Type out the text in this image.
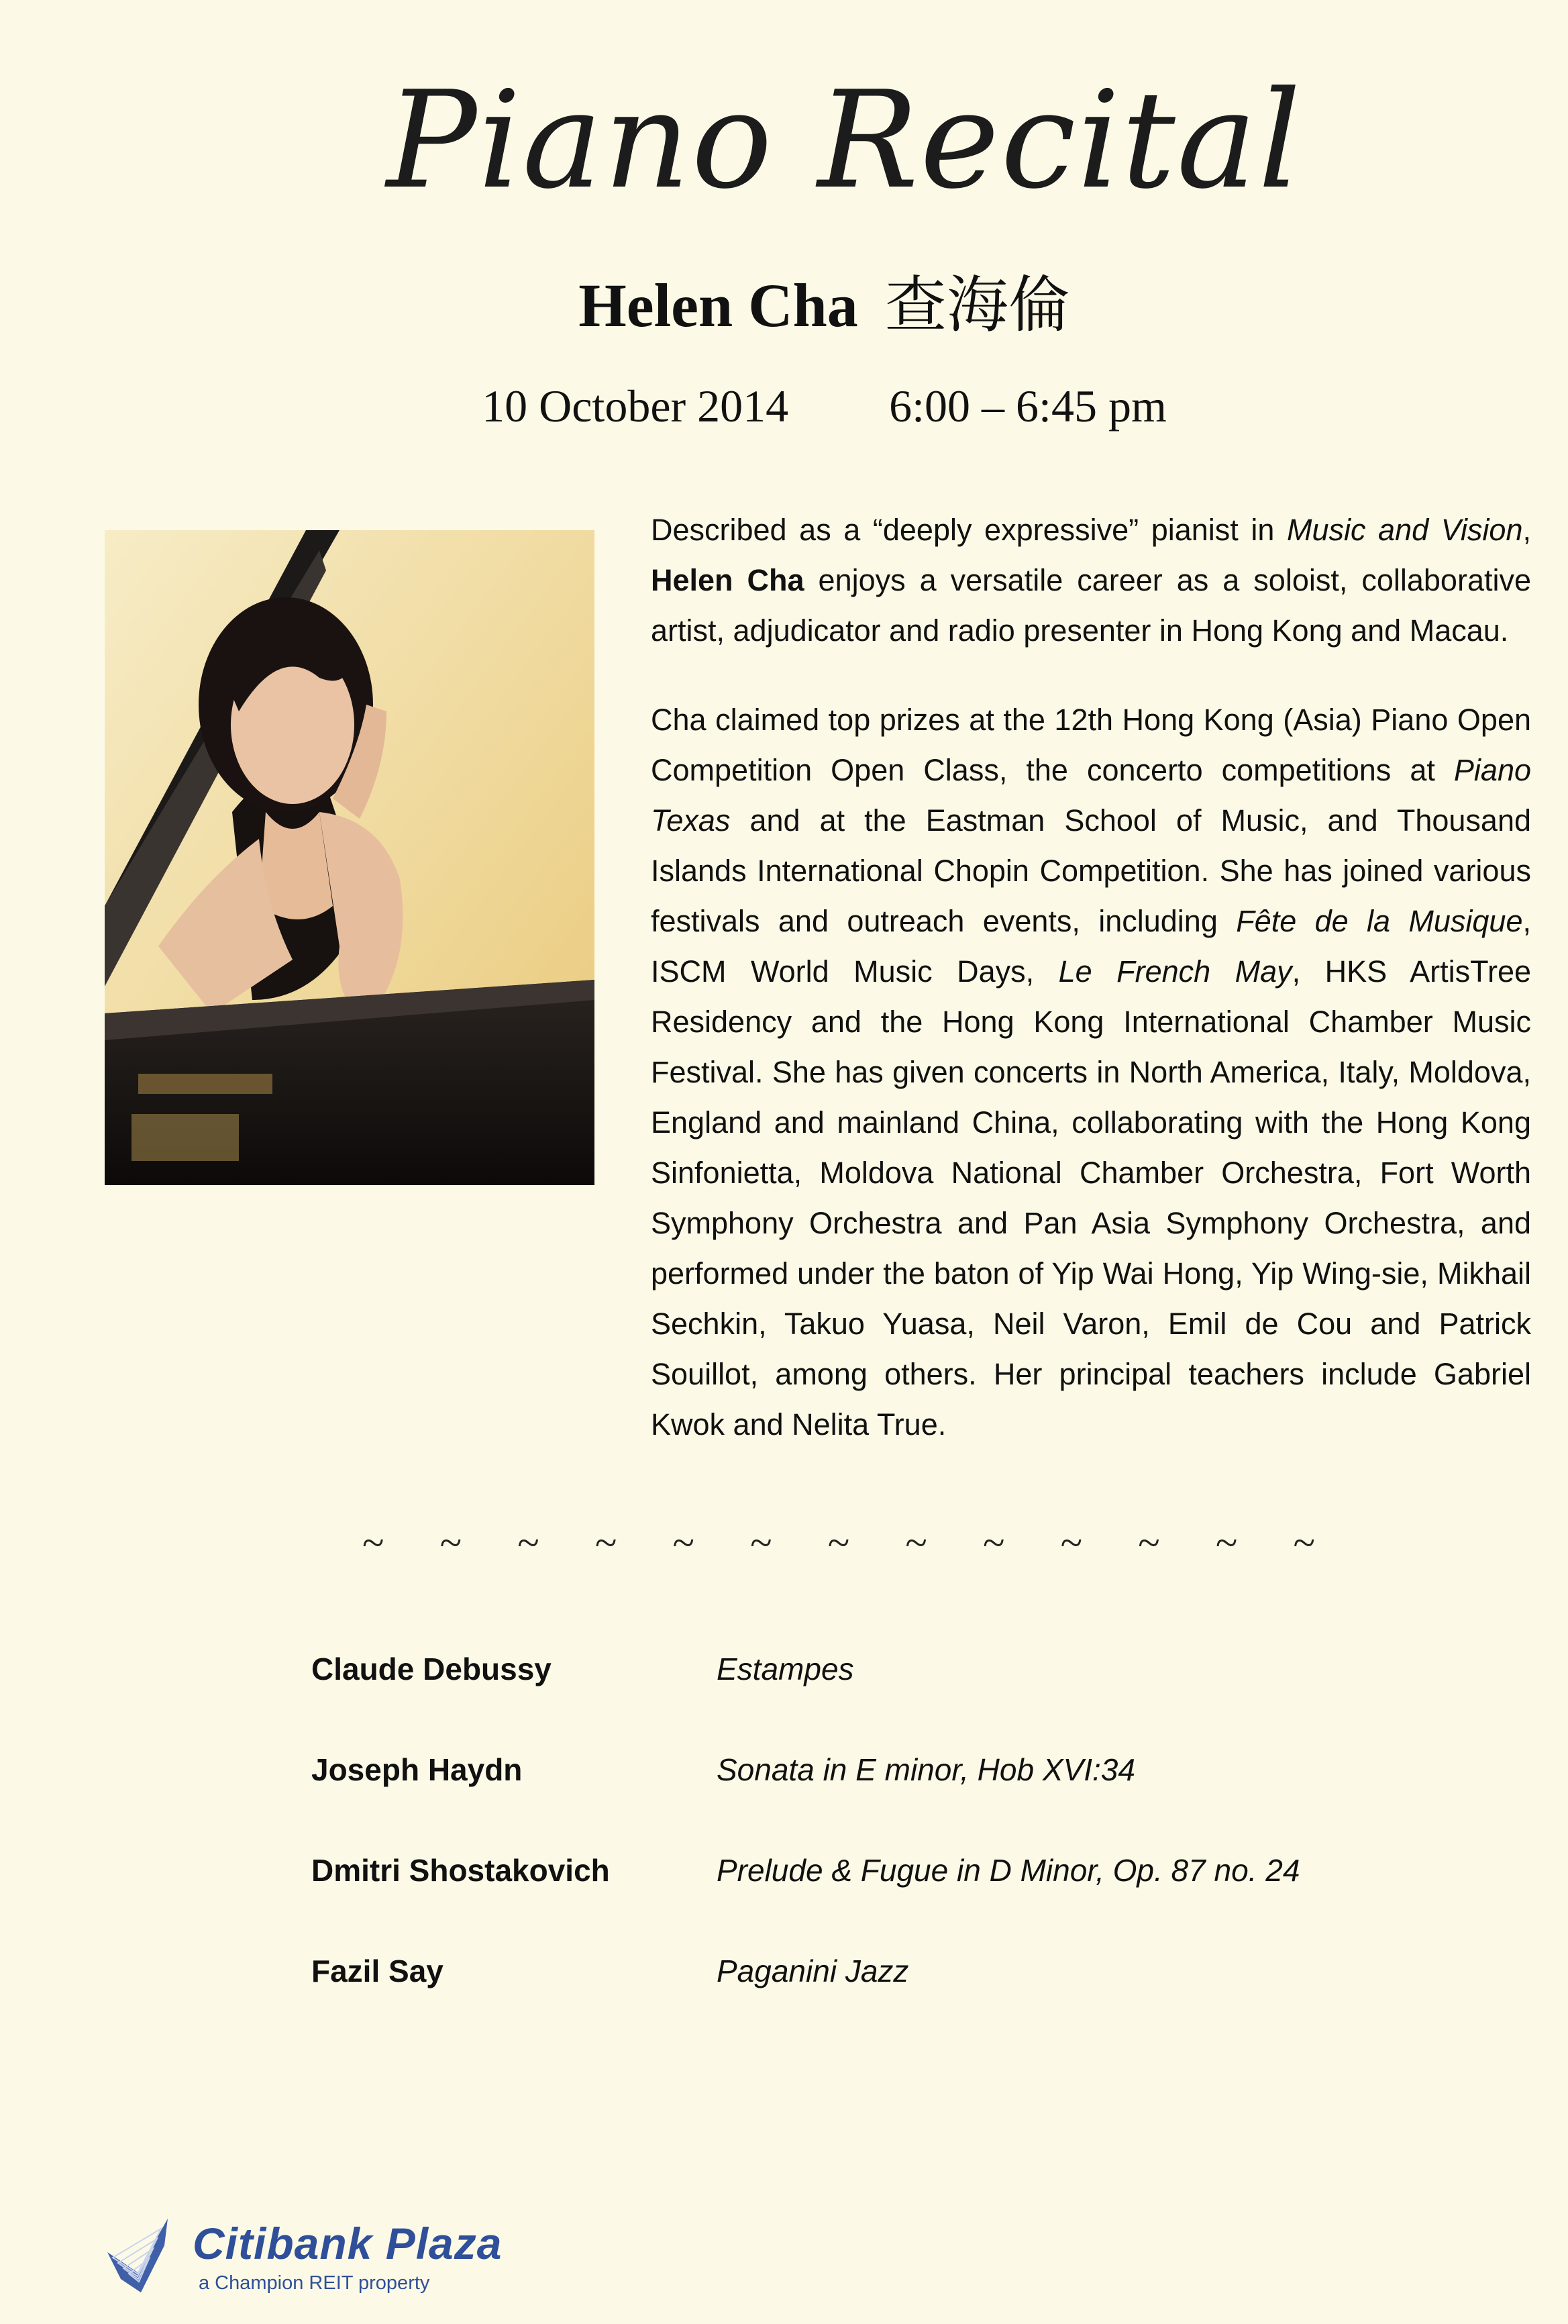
Piano Recital
Helen Cha 查海倫
10 October 2014 6:00 – 6:45 pm

Described as a “deeply expressive” pianist in Music and Vision, Helen Cha enjoys a versatile career as a soloist, collaborative artist, adjudicator and radio presenter in Hong Kong and Macau.

Cha claimed top prizes at the 12th Hong Kong (Asia) Piano Open Competition Open Class, the concerto competitions at Piano Texas and at the Eastman School of Music, and Thousand Islands International Chopin Competition. She has joined various festivals and outreach events, including Fête de la Musique, ISCM World Music Days, Le French May, HKS ArtisTree Residency and the Hong Kong International Chamber Music Festival. She has given concerts in North America, Italy, Moldova, England and mainland China, collaborating with the Hong Kong Sinfonietta, Moldova National Chamber Orchestra, Fort Worth Symphony Orchestra and Pan Asia Symphony Orchestra, and performed under the baton of Yip Wai Hong, Yip Wing-sie, Mikhail Sechkin, Takuo Yuasa, Neil Varon, Emil de Cou and Patrick Souillot, among others. Her principal teachers include Gabriel Kwok and Nelita True.

~ ~ ~ ~ ~ ~ ~ ~ ~ ~ ~ ~ ~
Claude Debussy	Estampes
Joseph Haydn	Sonata in E minor, Hob XVI:34
Dmitri Shostakovich	Prelude & Fugue in D Minor, Op. 87 no. 24
Fazil Say	Paganini Jazz
Citibank Plaza
a Champion REIT property
